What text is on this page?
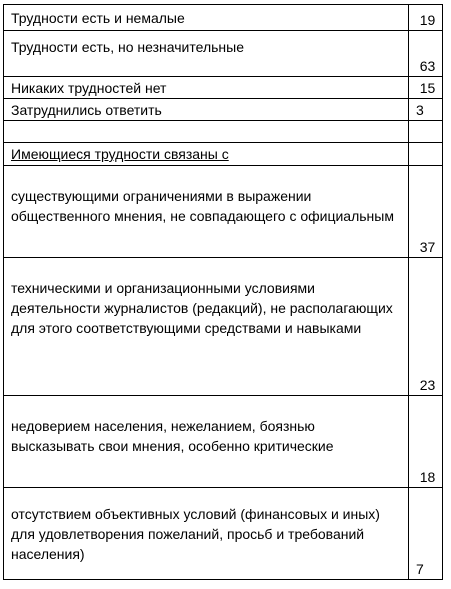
Трудности есть и немалые	19

Трудности есть, но незначительные	63

Никаких трудностей нет	15

Затруднились ответить	3

Имеющиеся трудности связаны с	
существующими ограничениями в выражении общественного мнения, не совпадающего с официальным	37

техническими и организационными условиями деятельности журналистов (редакций), не располагающих для этого соответствующими средствами и навыками	23

недоверием населения, нежеланием, боязнью высказывать свои мнения, особенно критические	18

отсутствием объективных условий (финансовых и иных) для удовлетворения пожеланий, просьб и требований населения)	7
